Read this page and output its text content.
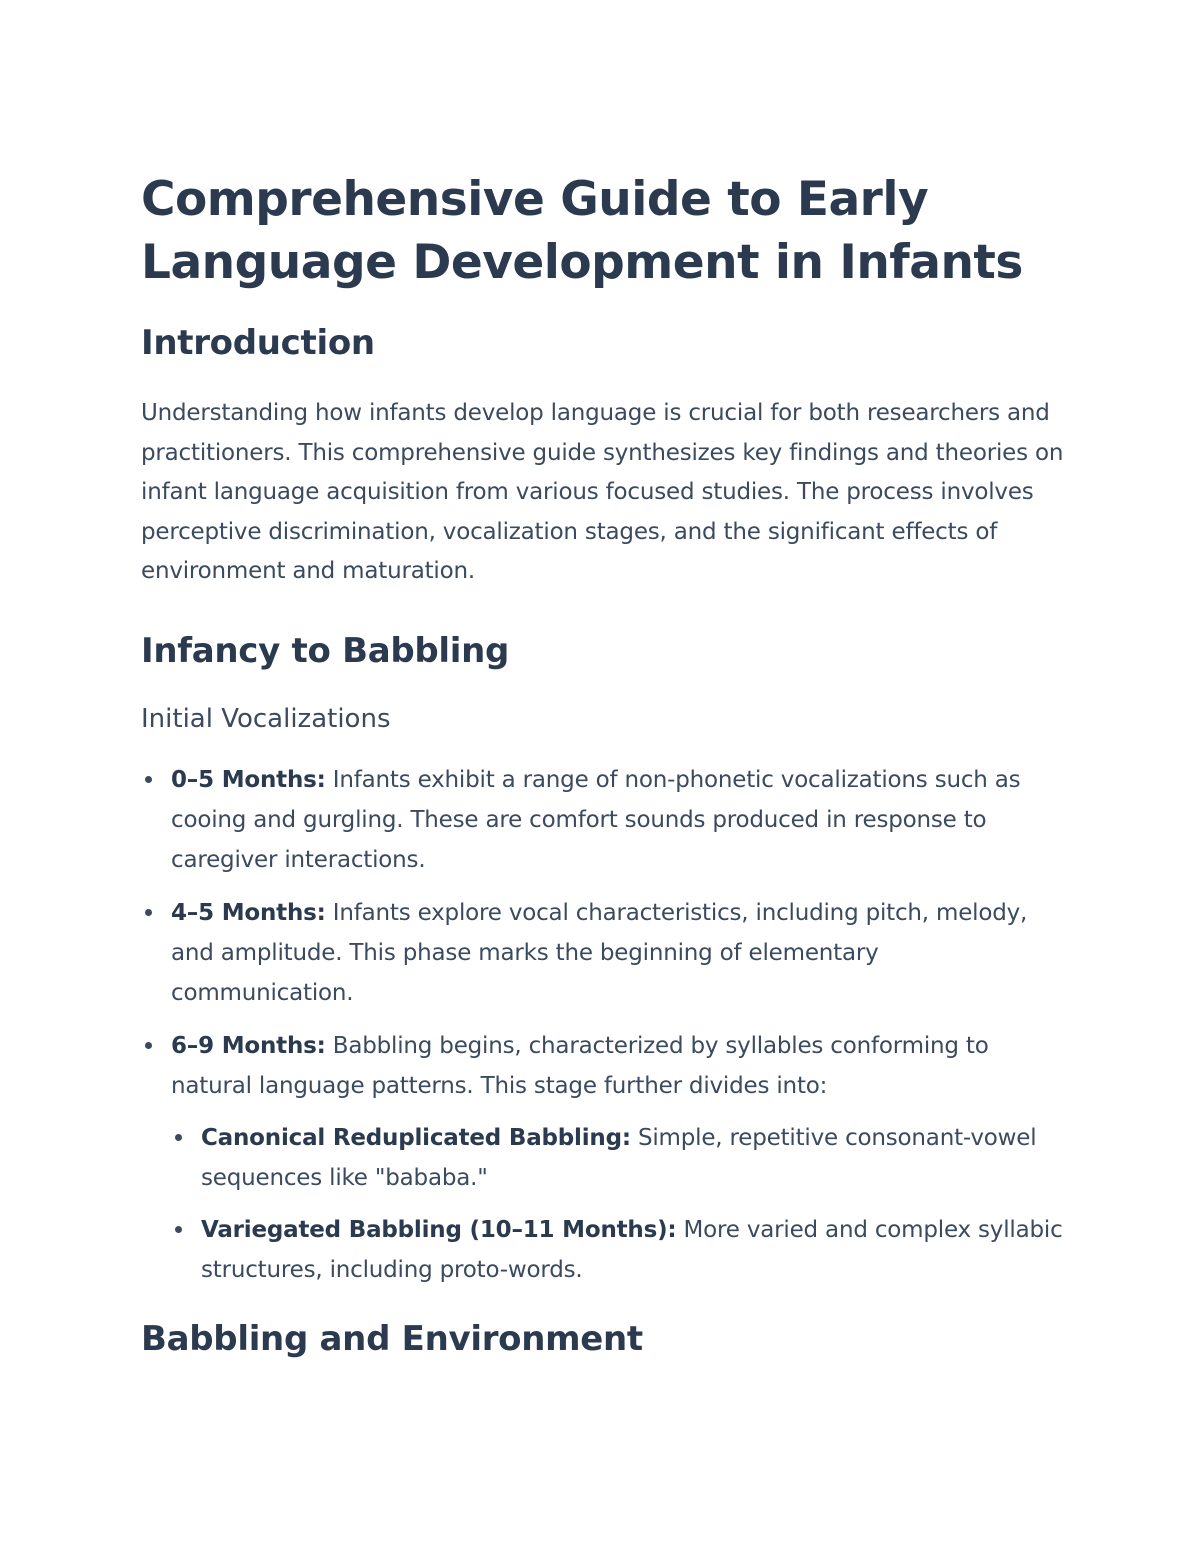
Comprehensive Guide to Early Language Development in Infants
Introduction

Understanding how infants develop language is crucial for both researchers and practitioners. This comprehensive guide synthesizes key findings and theories on infant language acquisition from various focused studies. The process involves perceptive discrimination, vocalization stages, and the significant effects of environment and maturation.

Infancy to Babbling
Initial Vocalizations
0–5 Months: Infants exhibit a range of non-phonetic vocalizations such as cooing and gurgling. These are comfort sounds produced in response to caregiver interactions.
4–5 Months: Infants explore vocal characteristics, including pitch, melody, and amplitude. This phase marks the beginning of elementary communication.
6–9 Months: Babbling begins, characterized by syllables conforming to natural language patterns. This stage further divides into:
Canonical Reduplicated Babbling: Simple, repetitive consonant-vowel sequences like "bababa."
Variegated Babbling (10–11 Months): More varied and complex syllabic structures, including proto-words.
Babbling and Environment
